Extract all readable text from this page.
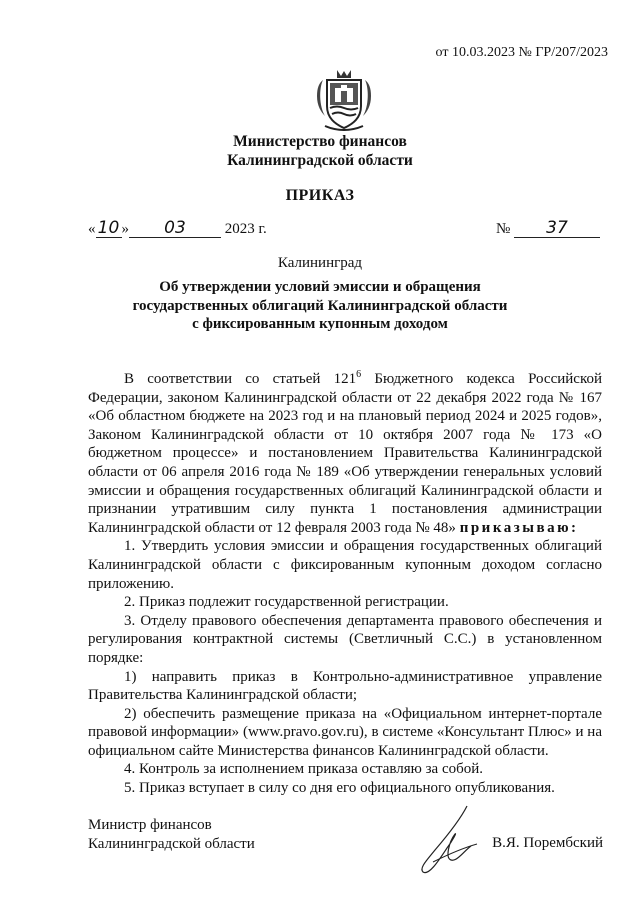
от 10.03.2023 № ГР/207/2023
Министерство финансов
Калининградской области
ПРИКАЗ
« 10 » 03	2023 г.	№ 37
Калининград
Об утверждении условий эмиссии и обращения
государственных облигаций Калининградской области
с фиксированным купонным доходом

В соответствии со статьей $121^6$ Бюджетного кодекса Российской Федерации, законом Калининградской области от 22 декабря 2022 года № 167 «Об областном бюджете на 2023 год и на плановый период 2024 и 2025 годов», Законом Калининградской области от 10 октября 2007 года № 173 «О бюджетном процессе» и постановлением Правительства Калининградской области от 06 апреля 2016 года № 189 «Об утверждении генеральных условий эмиссии и обращения государственных облигаций Калининградской области и признании утратившим силу пункта 1 постановления администрации Калининградской области от 12 февраля 2003 года № 48» приказываю:

1. Утвердить условия эмиссии и обращения государственных облигаций Калининградской области с фиксированным купонным доходом согласно приложению.

2. Приказ подлежит государственной регистрации.

3. Отделу правового обеспечения департамента правового обеспечения и регулирования контрактной системы (Светличный С.С.) в установленном порядке:

1) направить приказ в Контрольно-административное управление Правительства Калининградской области;

2) обеспечить размещение приказа на «Официальном интернет-портале правовой информации» (www.pravo.gov.ru), в системе «Консультант Плюс» и на официальном сайте Министерства финансов Калининградской области.

4. Контроль за исполнением приказа оставляю за собой.

5. Приказ вступает в силу со дня его официального опубликования.

Министр финансов
Калининградской области	В.Я. Порембский
